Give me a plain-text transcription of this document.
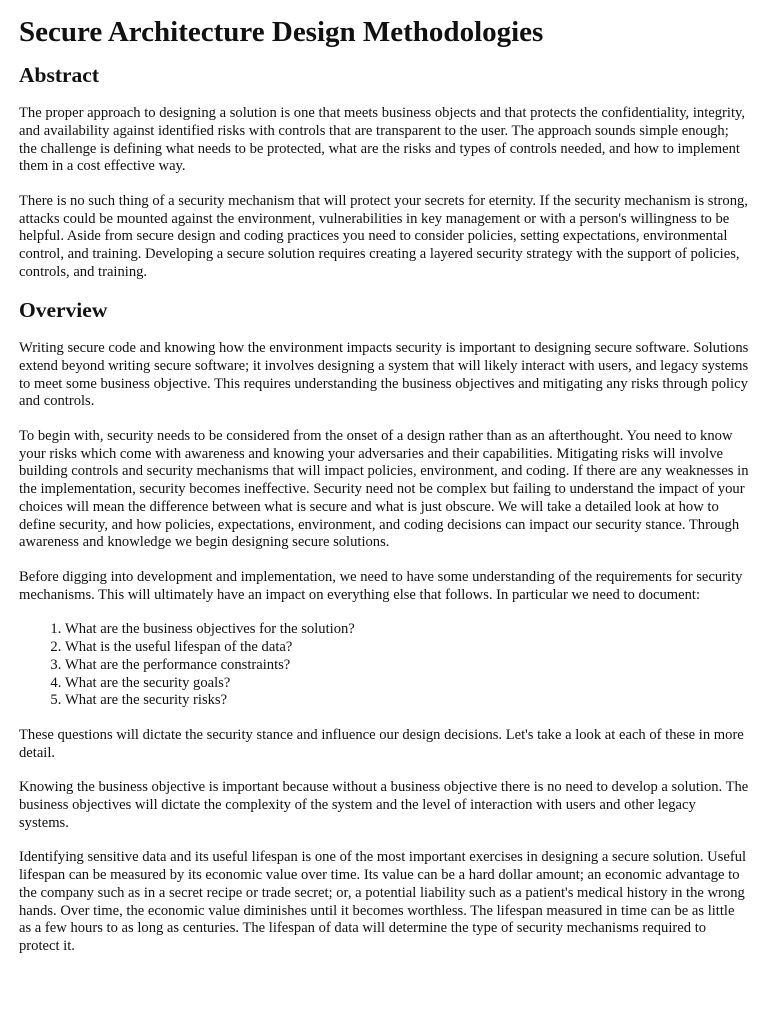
Secure Architecture Design Methodologies
Abstract

The proper approach to designing a solution is one that meets business objects and that protects the confidentiality, integrity, and availability against identified risks with controls that are transparent to the user. The approach sounds simple enough; the challenge is defining what needs to be protected, what are the risks and types of controls needed, and how to implement them in a cost effective way.

There is no such thing of a security mechanism that will protect your secrets for eternity. If the security mechanism is strong, attacks could be mounted against the environment, vulnerabilities in key management or with a person's willingness to be helpful. Aside from secure design and coding practices you need to consider policies, setting expectations, environmental control, and training. Developing a secure solution requires creating a layered security strategy with the support of policies, controls, and training.

Overview

Writing secure code and knowing how the environment impacts security is important to designing secure software. Solutions extend beyond writing secure software; it involves designing a system that will likely interact with users, and legacy systems to meet some business objective. This requires understanding the business objectives and mitigating any risks through policy and controls.

To begin with, security needs to be considered from the onset of a design rather than as an afterthought. You need to know your risks which come with awareness and knowing your adversaries and their capabilities. Mitigating risks will involve building controls and security mechanisms that will impact policies, environment, and coding. If there are any weaknesses in the implementation, security becomes ineffective. Security need not be complex but failing to understand the impact of your choices will mean the difference between what is secure and what is just obscure. We will take a detailed look at how to define security, and how policies, expectations, environment, and coding decisions can impact our security stance. Through awareness and knowledge we begin designing secure solutions.

Before digging into development and implementation, we need to have some understanding of the requirements for security mechanisms. This will ultimately have an impact on everything else that follows. In particular we need to document:

1. What are the business objectives for the solution?
2. What is the useful lifespan of the data?
3. What are the performance constraints?
4. What are the security goals?
5. What are the security risks?

These questions will dictate the security stance and influence our design decisions. Let's take a look at each of these in more detail.

Knowing the business objective is important because without a business objective there is no need to develop a solution. The business objectives will dictate the complexity of the system and the level of interaction with users and other legacy systems.

Identifying sensitive data and its useful lifespan is one of the most important exercises in designing a secure solution. Useful lifespan can be measured by its economic value over time. Its value can be a hard dollar amount; an economic advantage to the company such as in a secret recipe or trade secret; or, a potential liability such as a patient's medical history in the wrong hands. Over time, the economic value diminishes until it becomes worthless. The lifespan measured in time can be as little as a few hours to as long as centuries. The lifespan of data will determine the type of security mechanisms required to protect it.
